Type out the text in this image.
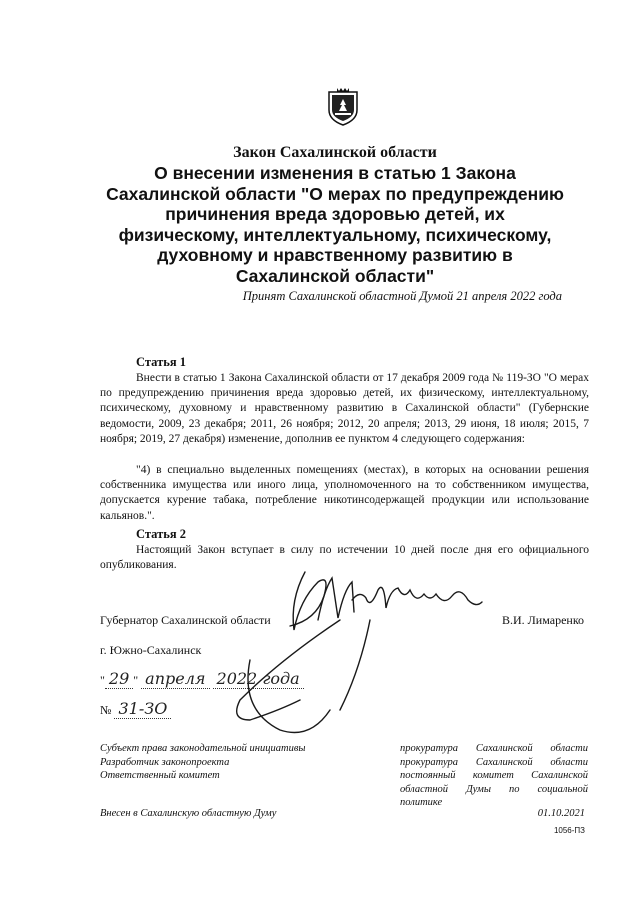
Закон Сахалинской области

О внесении изменения в статью 1 Закона

Сахалинской области "О мерах по предупреждению

причинения вреда здоровью детей, их

физическому, интеллектуальному, психическому,

духовному и нравственному развитию в

Сахалинской области"

Принят Сахалинской областной Думой 21 апреля 2022 года
Статья 1

Внести в статью 1 Закона Сахалинской области от 17 декабря 2009 года № 119-ЗО "О мерах по предупреждению причинения вреда здоровью детей, их физическому, интеллектуальному, психическому, духовному и нравственному развитию в Сахалинской области" (Губернские ведомости, 2009, 23 декабря; 2011, 26 ноября; 2012, 20 апреля; 2013, 29 июня, 18 июля; 2015, 7 ноября; 2019, 27 декабря) изменение, дополнив ее пунктом 4 следующего содержания:

"4) в специально выделенных помещениях (местах), в которых на основании решения собственника имущества или иного лица, уполномоченного на то собственником имущества, допускается курение табака, потребление никотинсодержащей продукции или использование кальянов.".

Статья 2

Настоящий Закон вступает в силу по истечении 10 дней после дня его официального опубликования.

Губернатор Сахалинской области	В.И. Лимаренко
г. Южно-Сахалинск
" 29 " апреля 2022 года
№ 31-ЗО
Субъект права законодательной инициативы
Разработчик законопроекта
Ответственный комитет
прокуратура Сахалинской области
прокуратура Сахалинской области
постоянный комитет Сахалинской
областной Думы по социальной
политике
Внесен в Сахалинскую областную Думу	01.10.2021
1056-ПЗ
